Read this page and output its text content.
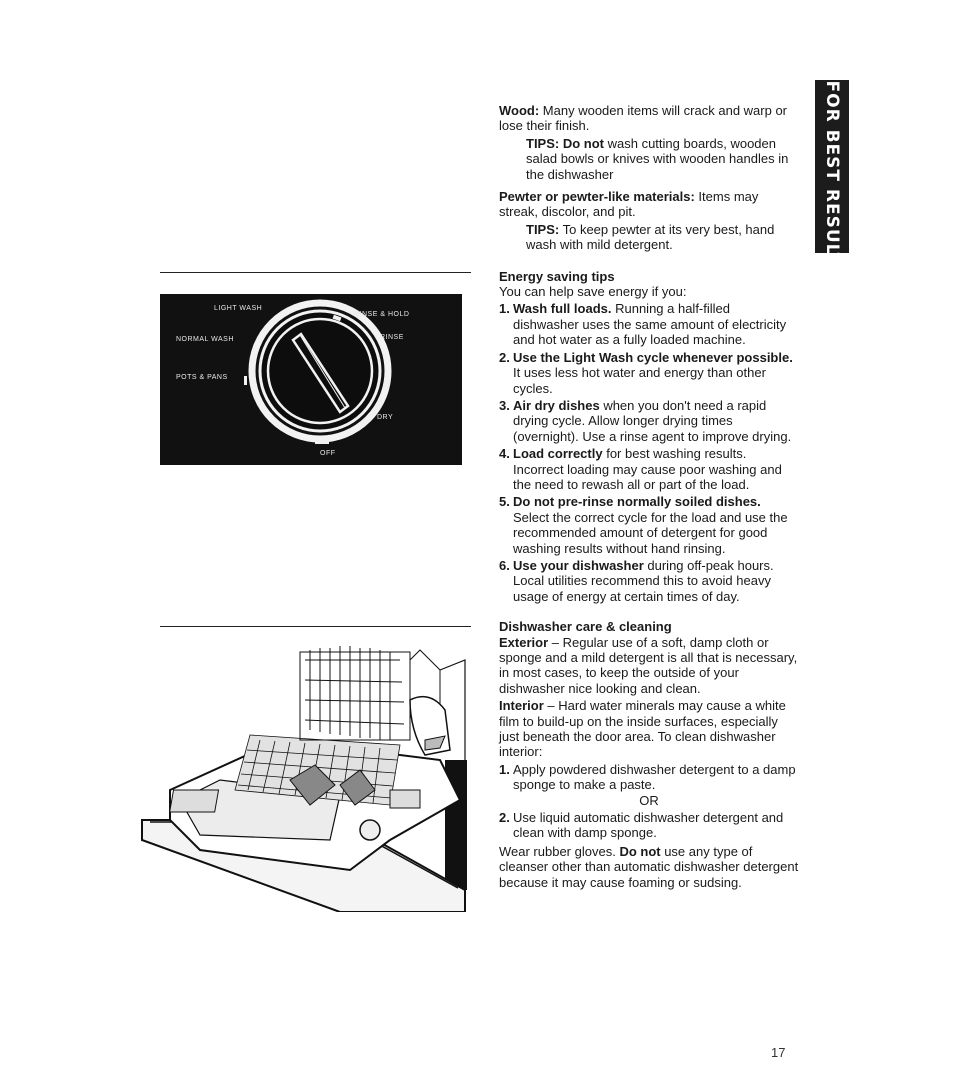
FOR BEST RESULTS
LIGHT WASH
NORMAL WASH
POTS & PANS
RINSE & HOLD
RINSE
DRY
OFF

Wood: Many wooden items will crack and warp or lose their finish.

TIPS: Do not wash cutting boards, wooden salad bowls or knives with wooden handles in the dishwasher

Pewter or pewter-like materials: Items may streak, discolor, and pit.

TIPS: To keep pewter at its very best, hand wash with mild detergent.

Energy saving tips

You can help save energy if you:

1. Wash full loads. Running a half-filled dishwasher uses the same amount of electricity and hot water as a fully loaded machine.

2. Use the Light Wash cycle whenever possible. It uses less hot water and energy than other cycles.

3. Air dry dishes when you don't need a rapid drying cycle. Allow longer drying times (overnight). Use a rinse agent to improve drying.

4. Load correctly for best washing results. Incorrect loading may cause poor washing and the need to rewash all or part of the load.

5. Do not pre-rinse normally soiled dishes. Select the correct cycle for the load and use the recommended amount of detergent for good washing results without hand rinsing.

6. Use your dishwasher during off-peak hours. Local utilities recommend this to avoid heavy usage of energy at certain times of day.

Dishwasher care & cleaning

Exterior – Regular use of a soft, damp cloth or sponge and a mild detergent is all that is necessary, in most cases, to keep the outside of your dishwasher nice looking and clean.

Interior – Hard water minerals may cause a white film to build-up on the inside surfaces, especially just beneath the door area. To clean dishwasher interior:

1. Apply powdered dishwasher detergent to a damp sponge to make a paste.

OR

2. Use liquid automatic dishwasher detergent and clean with damp sponge.

Wear rubber gloves. Do not use any type of cleanser other than automatic dishwasher detergent because it may cause foaming or sudsing.

17
